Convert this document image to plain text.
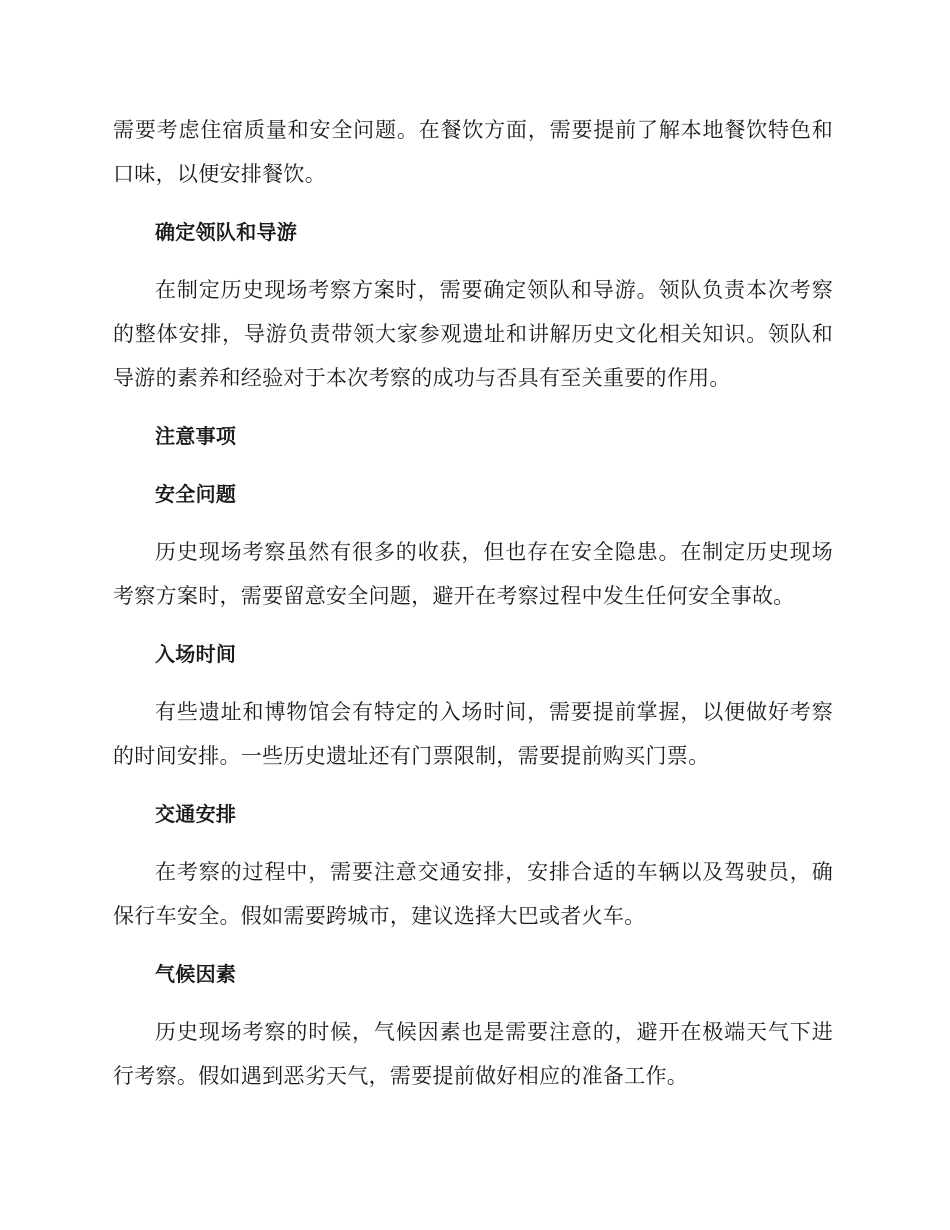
需要考虑住宿质量和安全问题。在餐饮方面，需要提前了解本地餐饮特色和口味，以便安排餐饮。

确定领队和导游

在制定历史现场考察方案时，需要确定领队和导游。领队负责本次考察的整体安排，导游负责带领大家参观遗址和讲解历史文化相关知识。领队和导游的素养和经验对于本次考察的成功与否具有至关重要的作用。

注意事项
安全问题

历史现场考察虽然有很多的收获，但也存在安全隐患。在制定历史现场考察方案时，需要留意安全问题，避开在考察过程中发生任何安全事故。

入场时间

有些遗址和博物馆会有特定的入场时间，需要提前掌握，以便做好考察的时间安排。一些历史遗址还有门票限制，需要提前购买门票。

交通安排

在考察的过程中，需要注意交通安排，安排合适的车辆以及驾驶员，确保行车安全。假如需要跨城市，建议选择大巴或者火车。

气候因素

历史现场考察的时候，气候因素也是需要注意的，避开在极端天气下进行考察。假如遇到恶劣天气，需要提前做好相应的准备工作。
